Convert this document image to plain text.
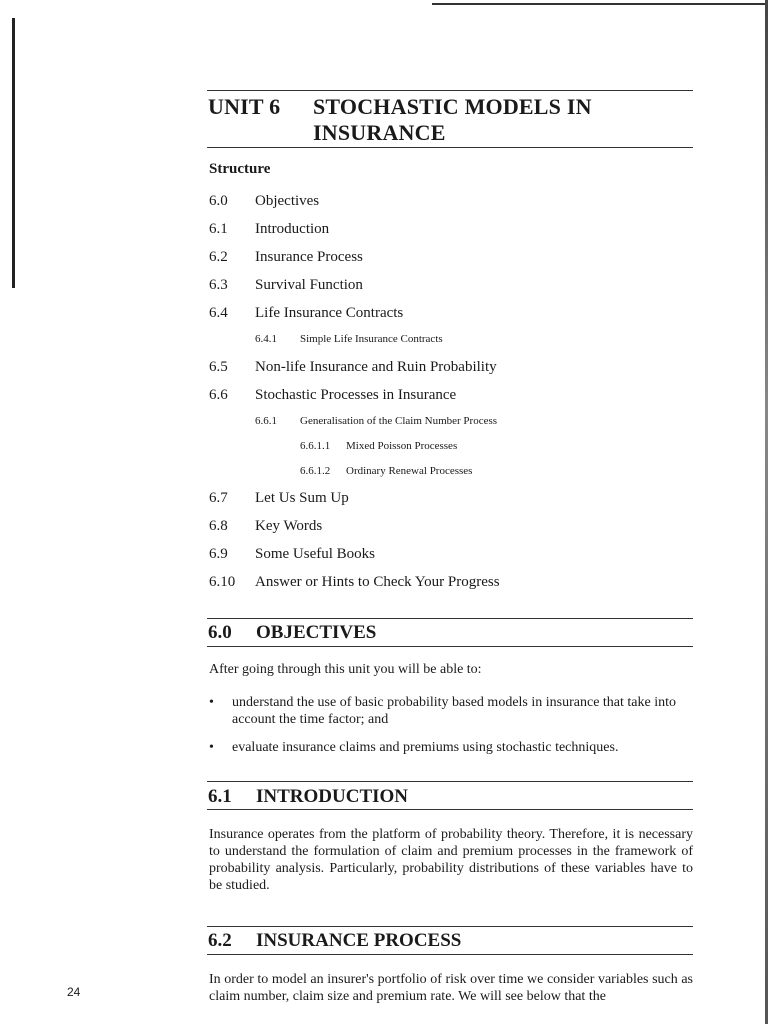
UNIT 6 STOCHASTIC MODELS IN
INSURANCE
Structure
6.0 Objectives
6.1 Introduction
6.2 Insurance Process
6.3 Survival Function
6.4 Life Insurance Contracts
6.4.1 Simple Life Insurance Contracts
6.5 Non-life Insurance and Ruin Probability
6.6 Stochastic Processes in Insurance
6.6.1 Generalisation of the Claim Number Process
6.6.1.1 Mixed Poisson Processes
6.6.1.2 Ordinary Renewal Processes
6.7 Let Us Sum Up
6.8 Key Words
6.9 Some Useful Books
6.10 Answer or Hints to Check Your Progress
6.0 OBJECTIVES
After going through this unit you will be able to:
•	understand the use of basic probability based models in insurance that take into account the time factor; and
•	evaluate insurance claims and premiums using stochastic techniques.
6.1 INTRODUCTION
Insurance operates from the platform of probability theory. Therefore, it is necessary to understand the formulation of claim and premium processes in the framework of probability analysis. Particularly, probability distributions of these variables have to be studied.
6.2 INSURANCE PROCESS
In order to model an insurer's portfolio of risk over time we consider variables such as claim number, claim size and premium rate. We will see below that the
24
